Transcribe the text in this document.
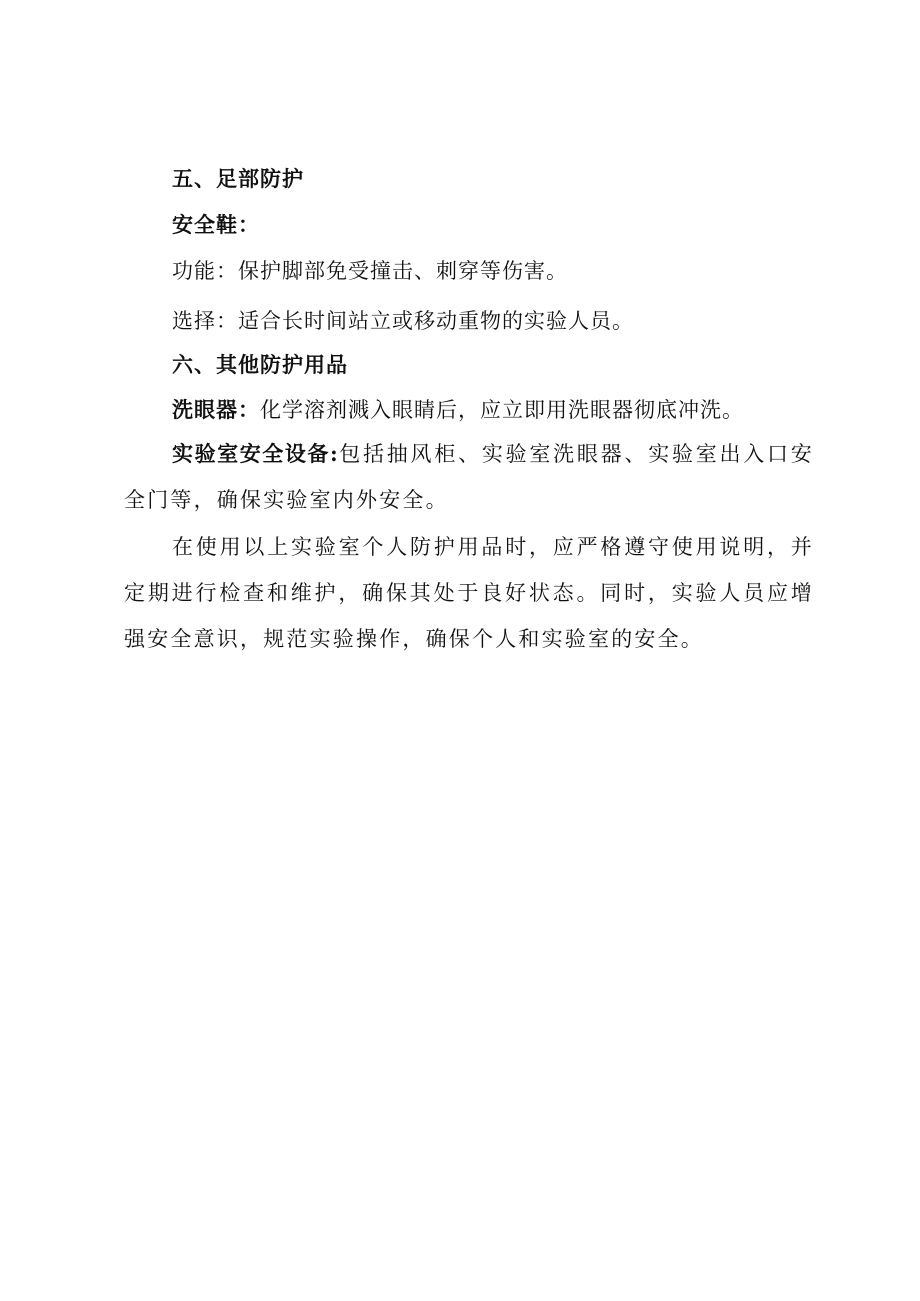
五、足部防护

安全鞋：

功能：保护脚部免受撞击、刺穿等伤害。

选择：适合长时间站立或移动重物的实验人员。

六、其他防护用品

洗眼器：化学溶剂溅入眼睛后，应立即用洗眼器彻底冲洗。

实验室安全设备:包括抽风柜、实验室洗眼器、实验室出入口安全门等，确保实验室内外安全。

在使用以上实验室个人防护用品时，应严格遵守使用说明，并定期进行检查和维护，确保其处于良好状态。同时，实验人员应增强安全意识，规范实验操作，确保个人和实验室的安全。
